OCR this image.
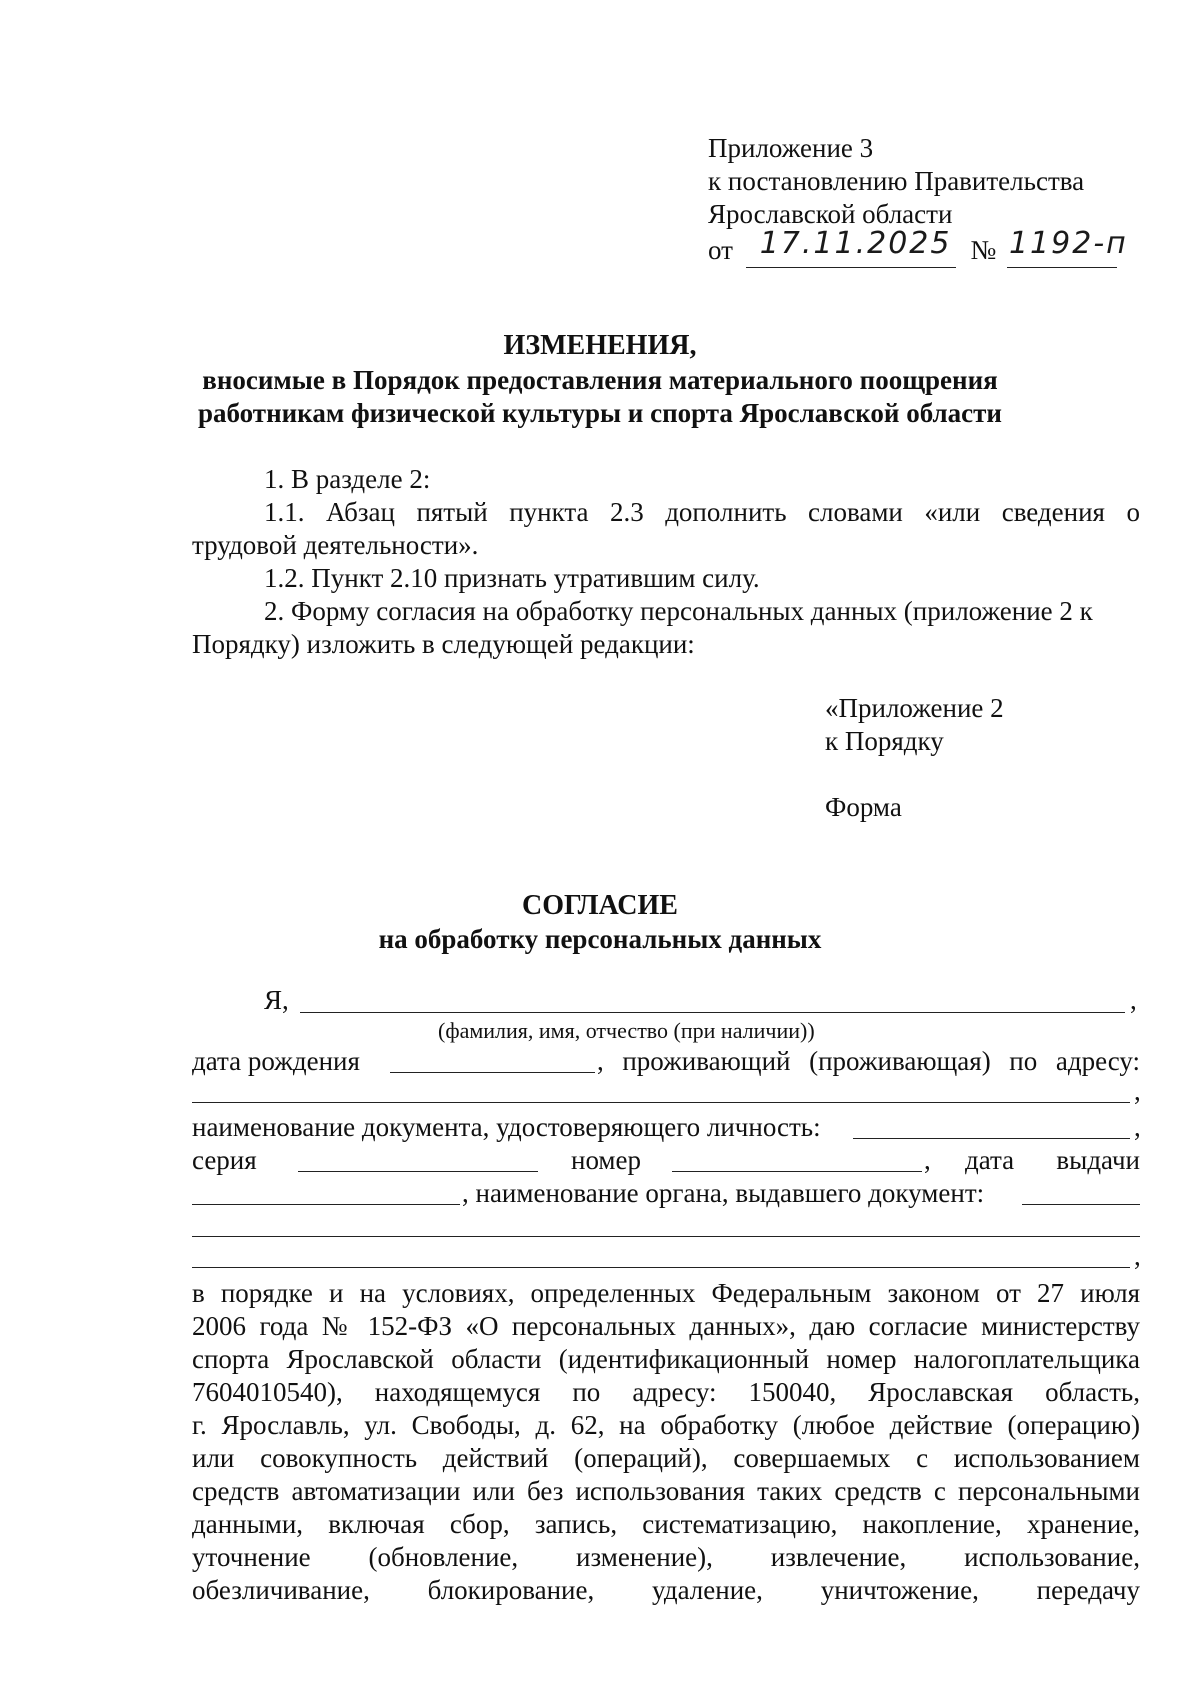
Приложение 3
к постановлению Правительства
Ярославской области
от 17.11.2025 № 1192-п
ИЗМЕНЕНИЯ,
вносимые в Порядок предоставления материального поощрения
работникам физической культуры и спорта Ярославской области
1. В разделе 2:
1.1. Абзац пятый пункта 2.3 дополнить словами «или сведения о
трудовой деятельности».
1.2. Пункт 2.10 признать утратившим силу.
2. Форму согласия на обработку персональных данных (приложение 2 к
Порядку) изложить в следующей редакции:
«Приложение 2
к Порядку
Форма
СОГЛАСИЕ
на обработку персональных данных
Я,	,
(фамилия, имя, отчество (при наличии))
дата рождения	, проживающий (проживающая) по адресу:
,
наименование документа, удостоверяющего личность:	,
серия	номер	, дата выдачи
, наименование органа, выдавшего документ:
,
в порядке и на условиях, определенных Федеральным законом от 27 июля
2006 года № 152-ФЗ «О персональных данных», даю согласие министерству
спорта Ярославской области (идентификационный номер налогоплательщика
7604010540), находящемуся по адресу: 150040, Ярославская область,
г. Ярославль, ул. Свободы, д. 62, на обработку (любое действие (операцию)
или совокупность действий (операций), совершаемых с использованием
средств автоматизации или без использования таких средств с персональными
данными, включая сбор, запись, систематизацию, накопление, хранение,
уточнение (обновление, изменение), извлечение, использование,
обезличивание, блокирование, удаление, уничтожение, передачу
